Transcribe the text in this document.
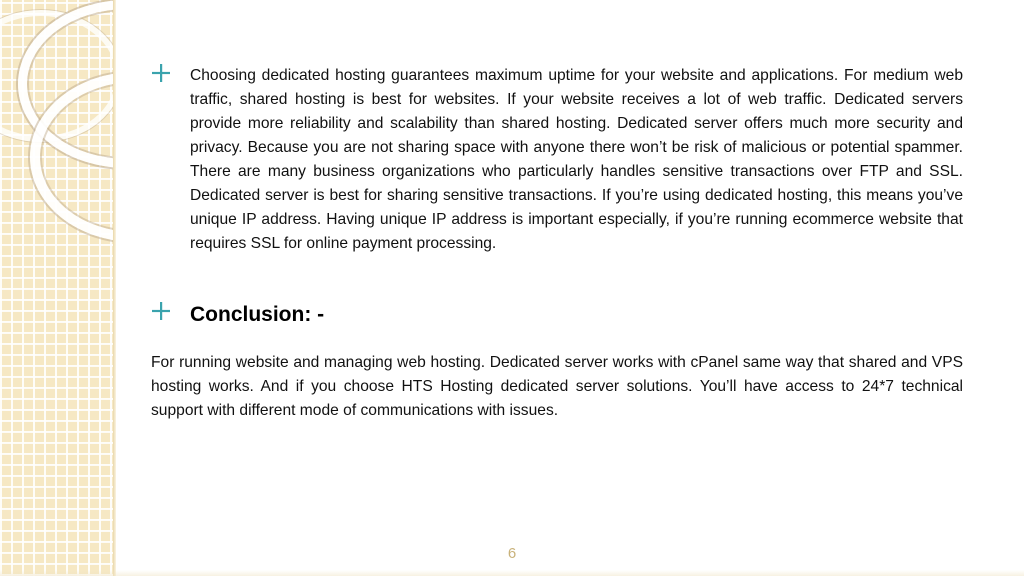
Choosing dedicated hosting guarantees maximum uptime for your website and applications. For medium web traffic, shared hosting is best for websites. If your website receives a lot of web traffic. Dedicated servers provide more reliability and scalability than shared hosting. Dedicated server offers much more security and privacy. Because you are not sharing space with anyone there won’t be risk of malicious or potential spammer. There are many business organizations who particularly handles sensitive transactions over FTP and SSL. Dedicated server is best for sharing sensitive transactions. If you’re using dedicated hosting, this means you’ve unique IP address. Having unique IP address is important especially, if you’re running ecommerce website that requires SSL for online payment processing.
Conclusion: -
For running website and managing web hosting. Dedicated server works with cPanel same way that shared and VPS hosting works. And if you choose HTS Hosting dedicated server solutions. You’ll have access to 24*7 technical support with different mode of communications with issues.
6
